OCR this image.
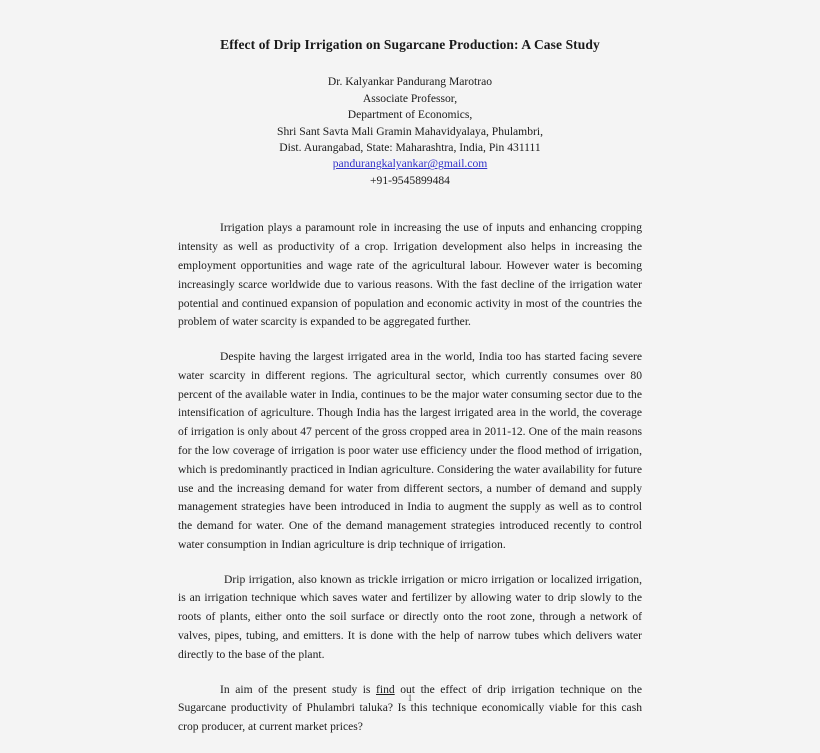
Effect of Drip Irrigation on Sugarcane Production: A Case Study
Dr. Kalyankar Pandurang Marotrao
Associate Professor,
Department of Economics,
Shri Sant Savta Mali Gramin Mahavidyalaya, Phulambri,
Dist. Aurangabad, State: Maharashtra, India, Pin 431111
pandurangkalyankar@gmail.com
+91-9545899484

Irrigation plays a paramount role in increasing the use of inputs and enhancing cropping intensity as well as productivity of a crop. Irrigation development also helps in increasing the employment opportunities and wage rate of the agricultural labour. However water is becoming increasingly scarce worldwide due to various reasons. With the fast decline of the irrigation water potential and continued expansion of population and economic activity in most of the countries the problem of water scarcity is expanded to be aggregated further.

Despite having the largest irrigated area in the world, India too has started facing severe water scarcity in different regions. The agricultural sector, which currently consumes over 80 percent of the available water in India, continues to be the major water consuming sector due to the intensification of agriculture. Though India has the largest irrigated area in the world, the coverage of irrigation is only about 47 percent of the gross cropped area in 2011-12. One of the main reasons for the low coverage of irrigation is poor water use efficiency under the flood method of irrigation, which is predominantly practiced in Indian agriculture. Considering the water availability for future use and the increasing demand for water from different sectors, a number of demand and supply management strategies have been introduced in India to augment the supply as well as to control the demand for water. One of the demand management strategies introduced recently to control water consumption in Indian agriculture is drip technique of irrigation.

Drip irrigation, also known as trickle irrigation or micro irrigation or localized irrigation, is an irrigation technique which saves water and fertilizer by allowing water to drip slowly to the roots of plants, either onto the soil surface or directly onto the root zone, through a network of valves, pipes, tubing, and emitters. It is done with the help of narrow tubes which delivers water directly to the base of the plant.

In aim of the present study is find out the effect of drip irrigation technique on the Sugarcane productivity of Phulambri taluka? Is this technique economically viable for this cash crop producer, at current market prices?

1
